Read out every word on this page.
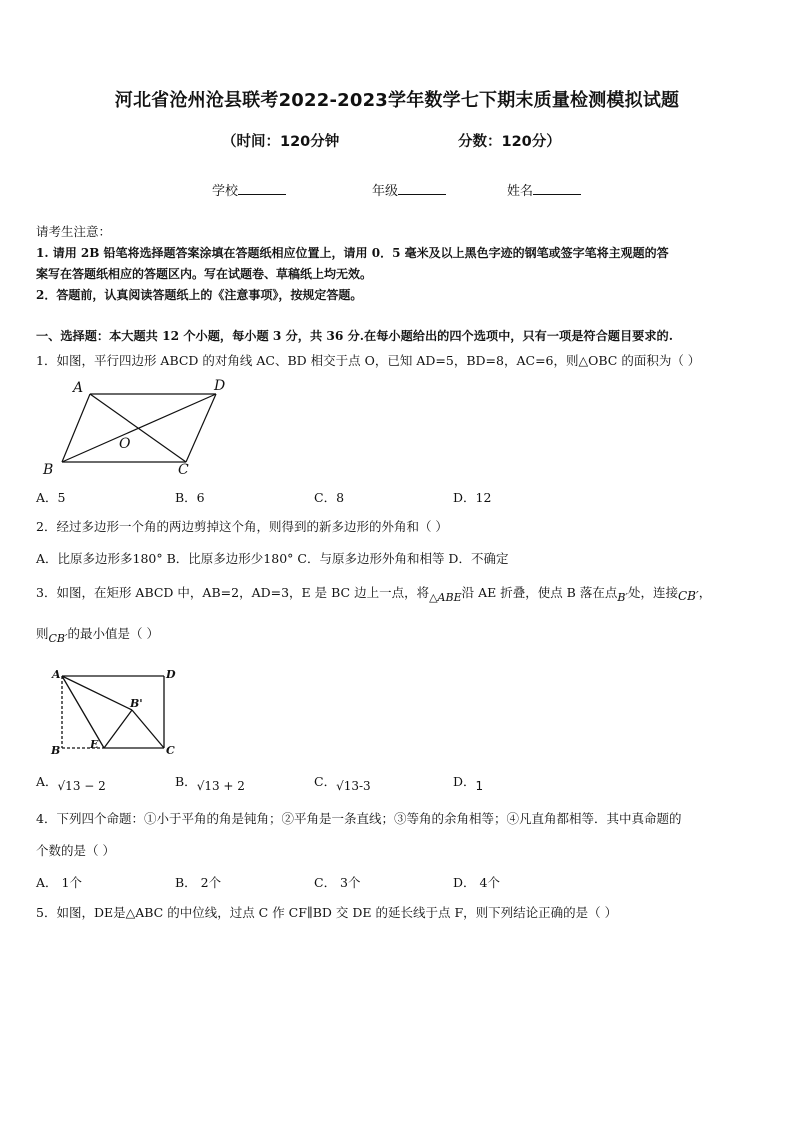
河北省沧州沧县联考2022-2023学年数学七下期末质量检测模拟试题
（时间：120分钟	分数：120分）
学校	年级	姓名
请考生注意：
1. 请用 2B 铅笔将选择题答案涂填在答题纸相应位置上，请用 0．5 毫米及以上黑色字迹的钢笔或签字笔将主观题的答
案写在答题纸相应的答题区内。写在试题卷、草稿纸上均无效。
2．答题前，认真阅读答题纸上的《注意事项》，按规定答题。
一、选择题：本大题共 12 个小题，每小题 3 分，共 36 分.在每小题给出的四个选项中，只有一项是符合题目要求的.
1．如图，平行四边形 ABCD 的对角线 AC、BD 相交于点 O，已知 AD=5，BD=8，AC=6，则△OBC 的面积为（ ）
A	D
B	C
O
A．5	B．6	C．8	D．12
2．经过多边形一个角的两边剪掉这个角，则得到的新多边形的外角和（ ）
A．比原多边形多180° B．比原多边形少180° C．与原多边形外角和相等 D．不确定
3．如图，在矩形 ABCD 中，AB=2，AD=3，E 是 BC 边上一点，将△ABE沿 AE 折叠，使点 B 落在点B′处，连接CB′，
则CB′的最小值是（ ）
A	D
B	C
E
B'
A．√13 − 2	B．√13 + 2	C．√13-3	D．1
4．下列四个命题：①小于平角的角是钝角；②平角是一条直线；③等角的余角相等；④凡直角都相等．其中真命题的
个数的是（ ）
A． 1个	B． 2个	C． 3个	D． 4个
5．如图，DE是△ABC 的中位线，过点 C 作 CF∥BD 交 DE 的延长线于点 F，则下列结论正确的是（ ）
